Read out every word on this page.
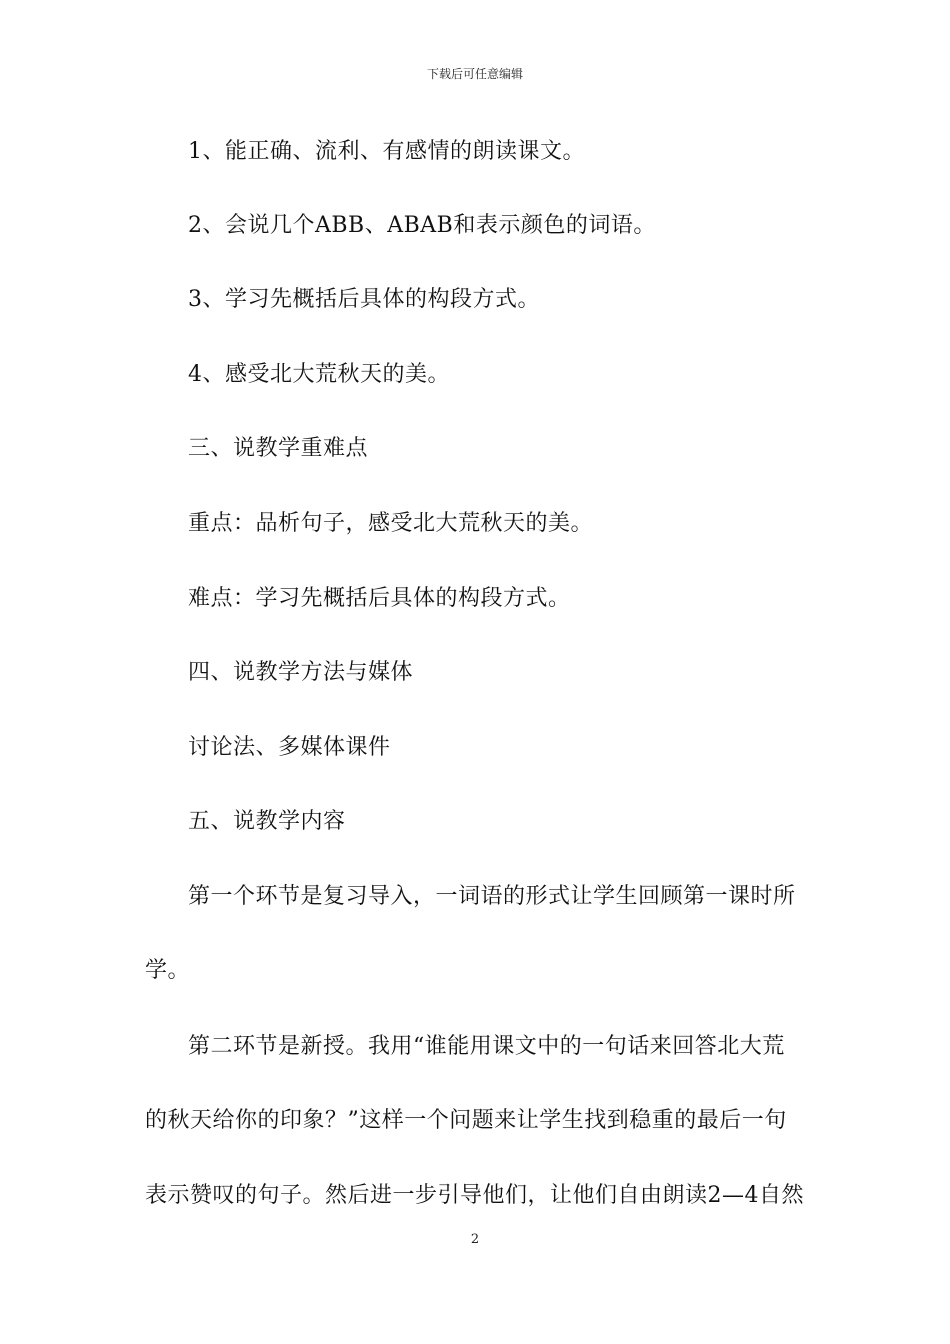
下载后可任意编辑
1、能正确、流利、有感情的朗读课文。
2、会说几个ABB、ABAB和表示颜色的词语。
3、学习先概括后具体的构段方式。
4、感受北大荒秋天的美。
三、说教学重难点
重点：品析句子，感受北大荒秋天的美。
难点：学习先概括后具体的构段方式。
四、说教学方法与媒体
讨论法、多媒体课件
五、说教学内容
第一个环节是复习导入，一词语的形式让学生回顾第一课时所
学。
第二环节是新授。我用“谁能用课文中的一句话来回答北大荒
的秋天给你的印象？”这样一个问题来让学生找到稳重的最后一句
表示赞叹的句子。然后进一步引导他们，让他们自由朗读2—4自然
2
